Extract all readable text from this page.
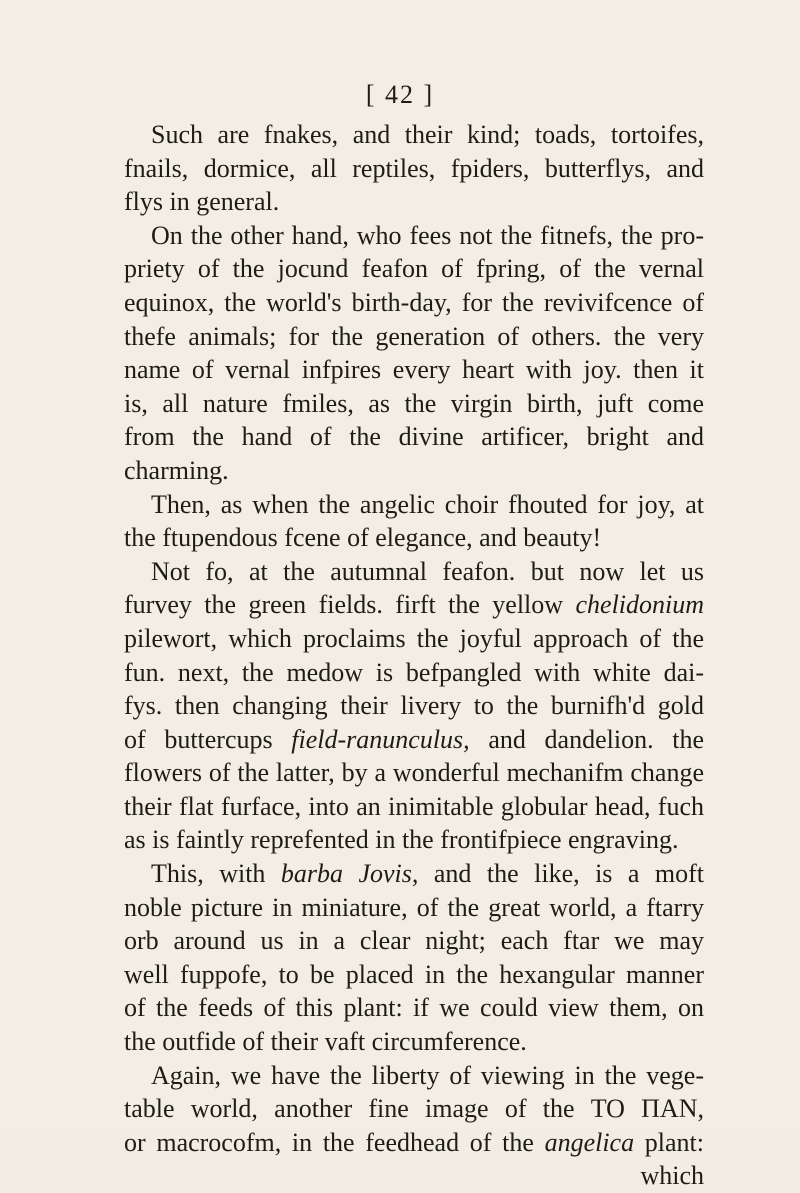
[ 42 ]
Such are fnakes, and their kind; toads, tortoifes,
fnails, dormice, all reptiles, fpiders, butterflys, and
flys in general.
On the other hand, who fees not the fitnefs, the pro-
priety of the jocund feafon of fpring, of the vernal
equinox, the world's birth-day, for the revivifcence of
thefe animals; for the generation of others. the very
name of vernal infpires every heart with joy. then it
is, all nature fmiles, as the virgin birth, juft come
from the hand of the divine artificer, bright and
charming.
Then, as when the angelic choir fhouted for joy, at
the ftupendous fcene of elegance, and beauty!
Not fo, at the autumnal feafon. but now let us
furvey the green fields. firft the yellow chelidonium
pilewort, which proclaims the joyful approach of the
fun. next, the medow is befpangled with white dai-
fys. then changing their livery to the burnifh'd gold
of buttercups field-ranunculus, and dandelion. the
flowers of the latter, by a wonderful mechanifm change
their flat furface, into an inimitable globular head, fuch
as is faintly reprefented in the frontifpiece engraving.
This, with barba Jovis, and the like, is a moft
noble picture in miniature, of the great world, a ftarry
orb around us in a clear night; each ftar we may
well fuppofe, to be placed in the hexangular manner
of the feeds of this plant: if we could view them, on
the outfide of their vaft circumference.
Again, we have the liberty of viewing in the vege-
table world, another fine image of the ΤΟ ΠΑΝ,
or macrocofm, in the feedhead of the angelica plant:
which
